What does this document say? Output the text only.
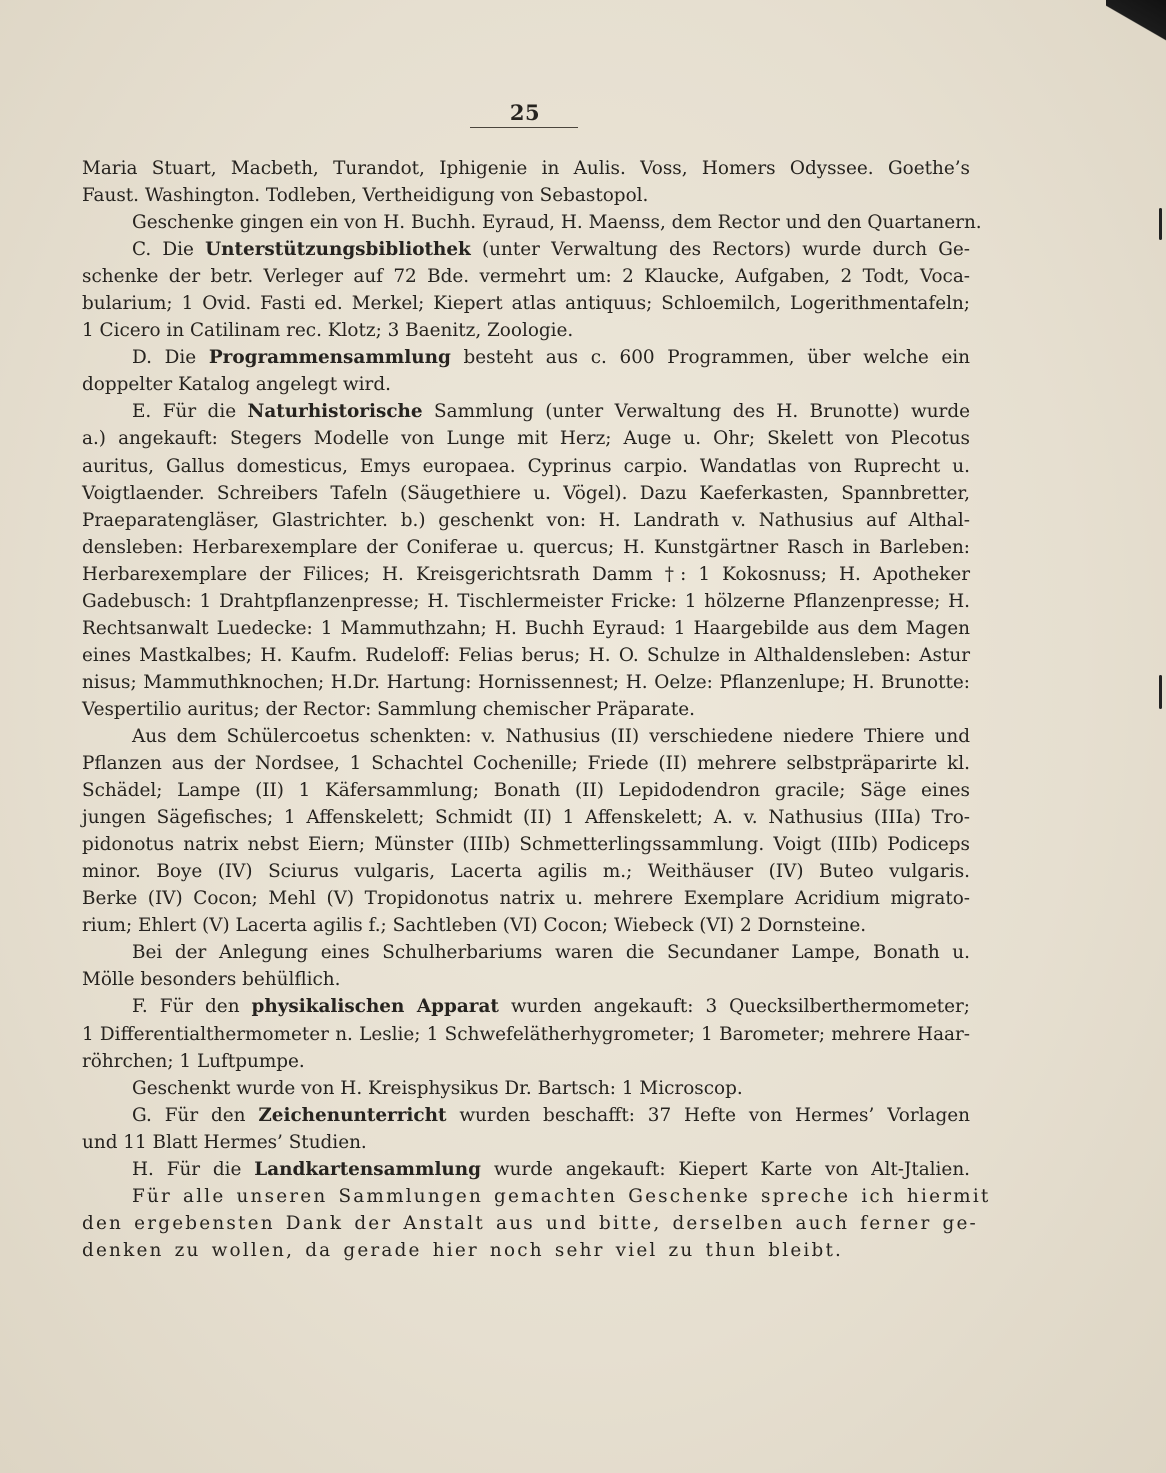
25
Maria Stuart, Macbeth, Turandot, Iphigenie in Aulis. Voss, Homers Odyssee. Goethe’s
Faust. Washington. Todleben, Vertheidigung von Sebastopol.
Geschenke gingen ein von H. Buchh. Eyraud, H. Maenss, dem Rector und den Quartanern.
C. Die Unterstützungsbibliothek (unter Verwaltung des Rectors) wurde durch Ge-
schenke der betr. Verleger auf 72 Bde. vermehrt um: 2 Klaucke, Aufgaben, 2 Todt, Voca-
bularium; 1 Ovid. Fasti ed. Merkel; Kiepert atlas antiquus; Schloemilch, Logerithmentafeln;
1 Cicero in Catilinam rec. Klotz; 3 Baenitz, Zoologie.
D. Die Programmensammlung besteht aus c. 600 Programmen, über welche ein
doppelter Katalog angelegt wird.
E. Für die Naturhistorische Sammlung (unter Verwaltung des H. Brunotte) wurde
a.) angekauft: Stegers Modelle von Lunge mit Herz; Auge u. Ohr; Skelett von Plecotus
auritus, Gallus domesticus, Emys europaea. Cyprinus carpio. Wandatlas von Ruprecht u.
Voigtlaender. Schreibers Tafeln (Säugethiere u. Vögel). Dazu Kaeferkasten, Spannbretter,
Praeparatengläser, Glastrichter. b.) geschenkt von: H. Landrath v. Nathusius auf Althal-
densleben: Herbarexemplare der Coniferae u. quercus; H. Kunstgärtner Rasch in Barleben:
Herbarexemplare der Filices; H. Kreisgerichtsrath Damm †: 1 Kokosnuss; H. Apotheker
Gadebusch: 1 Drahtpflanzenpresse; H. Tischlermeister Fricke: 1 hölzerne Pflanzenpresse; H.
Rechtsanwalt Luedecke: 1 Mammuthzahn; H. Buchh Eyraud: 1 Haargebilde aus dem Magen
eines Mastkalbes; H. Kaufm. Rudeloff: Felias berus; H. O. Schulze in Althaldensleben: Astur
nisus; Mammuthknochen; H.Dr. Hartung: Hornissennest; H. Oelze: Pflanzenlupe; H. Brunotte:
Vespertilio auritus; der Rector: Sammlung chemischer Präparate.
Aus dem Schülercoetus schenkten: v. Nathusius (II) verschiedene niedere Thiere und
Pflanzen aus der Nordsee, 1 Schachtel Cochenille; Friede (II) mehrere selbstpräparirte kl.
Schädel; Lampe (II) 1 Käfersammlung; Bonath (II) Lepidodendron gracile; Säge eines
jungen Sägefisches; 1 Affenskelett; Schmidt (II) 1 Affenskelett; A. v. Nathusius (IIIa) Tro-
pidonotus natrix nebst Eiern; Münster (IIIb) Schmetterlingssammlung. Voigt (IIIb) Podiceps
minor. Boye (IV) Sciurus vulgaris, Lacerta agilis m.; Weithäuser (IV) Buteo vulgaris.
Berke (IV) Cocon; Mehl (V) Tropidonotus natrix u. mehrere Exemplare Acridium migrato-
rium; Ehlert (V) Lacerta agilis f.; Sachtleben (VI) Cocon; Wiebeck (VI) 2 Dornsteine.
Bei der Anlegung eines Schulherbariums waren die Secundaner Lampe, Bonath u.
Mölle besonders behülflich.
F. Für den physikalischen Apparat wurden angekauft: 3 Quecksilberthermometer;
1 Differentialthermometer n. Leslie; 1 Schwefelätherhygrometer; 1 Barometer; mehrere Haar-
röhrchen; 1 Luftpumpe.
Geschenkt wurde von H. Kreisphysikus Dr. Bartsch: 1 Microscop.
G. Für den Zeichenunterricht wurden beschafft: 37 Hefte von Hermes’ Vorlagen
und 11 Blatt Hermes’ Studien.
H. Für die Landkartensammlung wurde angekauft: Kiepert Karte von Alt-Jtalien.
Für alle unseren Sammlungen gemachten Geschenke spreche ich hiermit
den ergebensten Dank der Anstalt aus und bitte, derselben auch ferner ge-
denken zu wollen, da gerade hier noch sehr viel zu thun bleibt.
